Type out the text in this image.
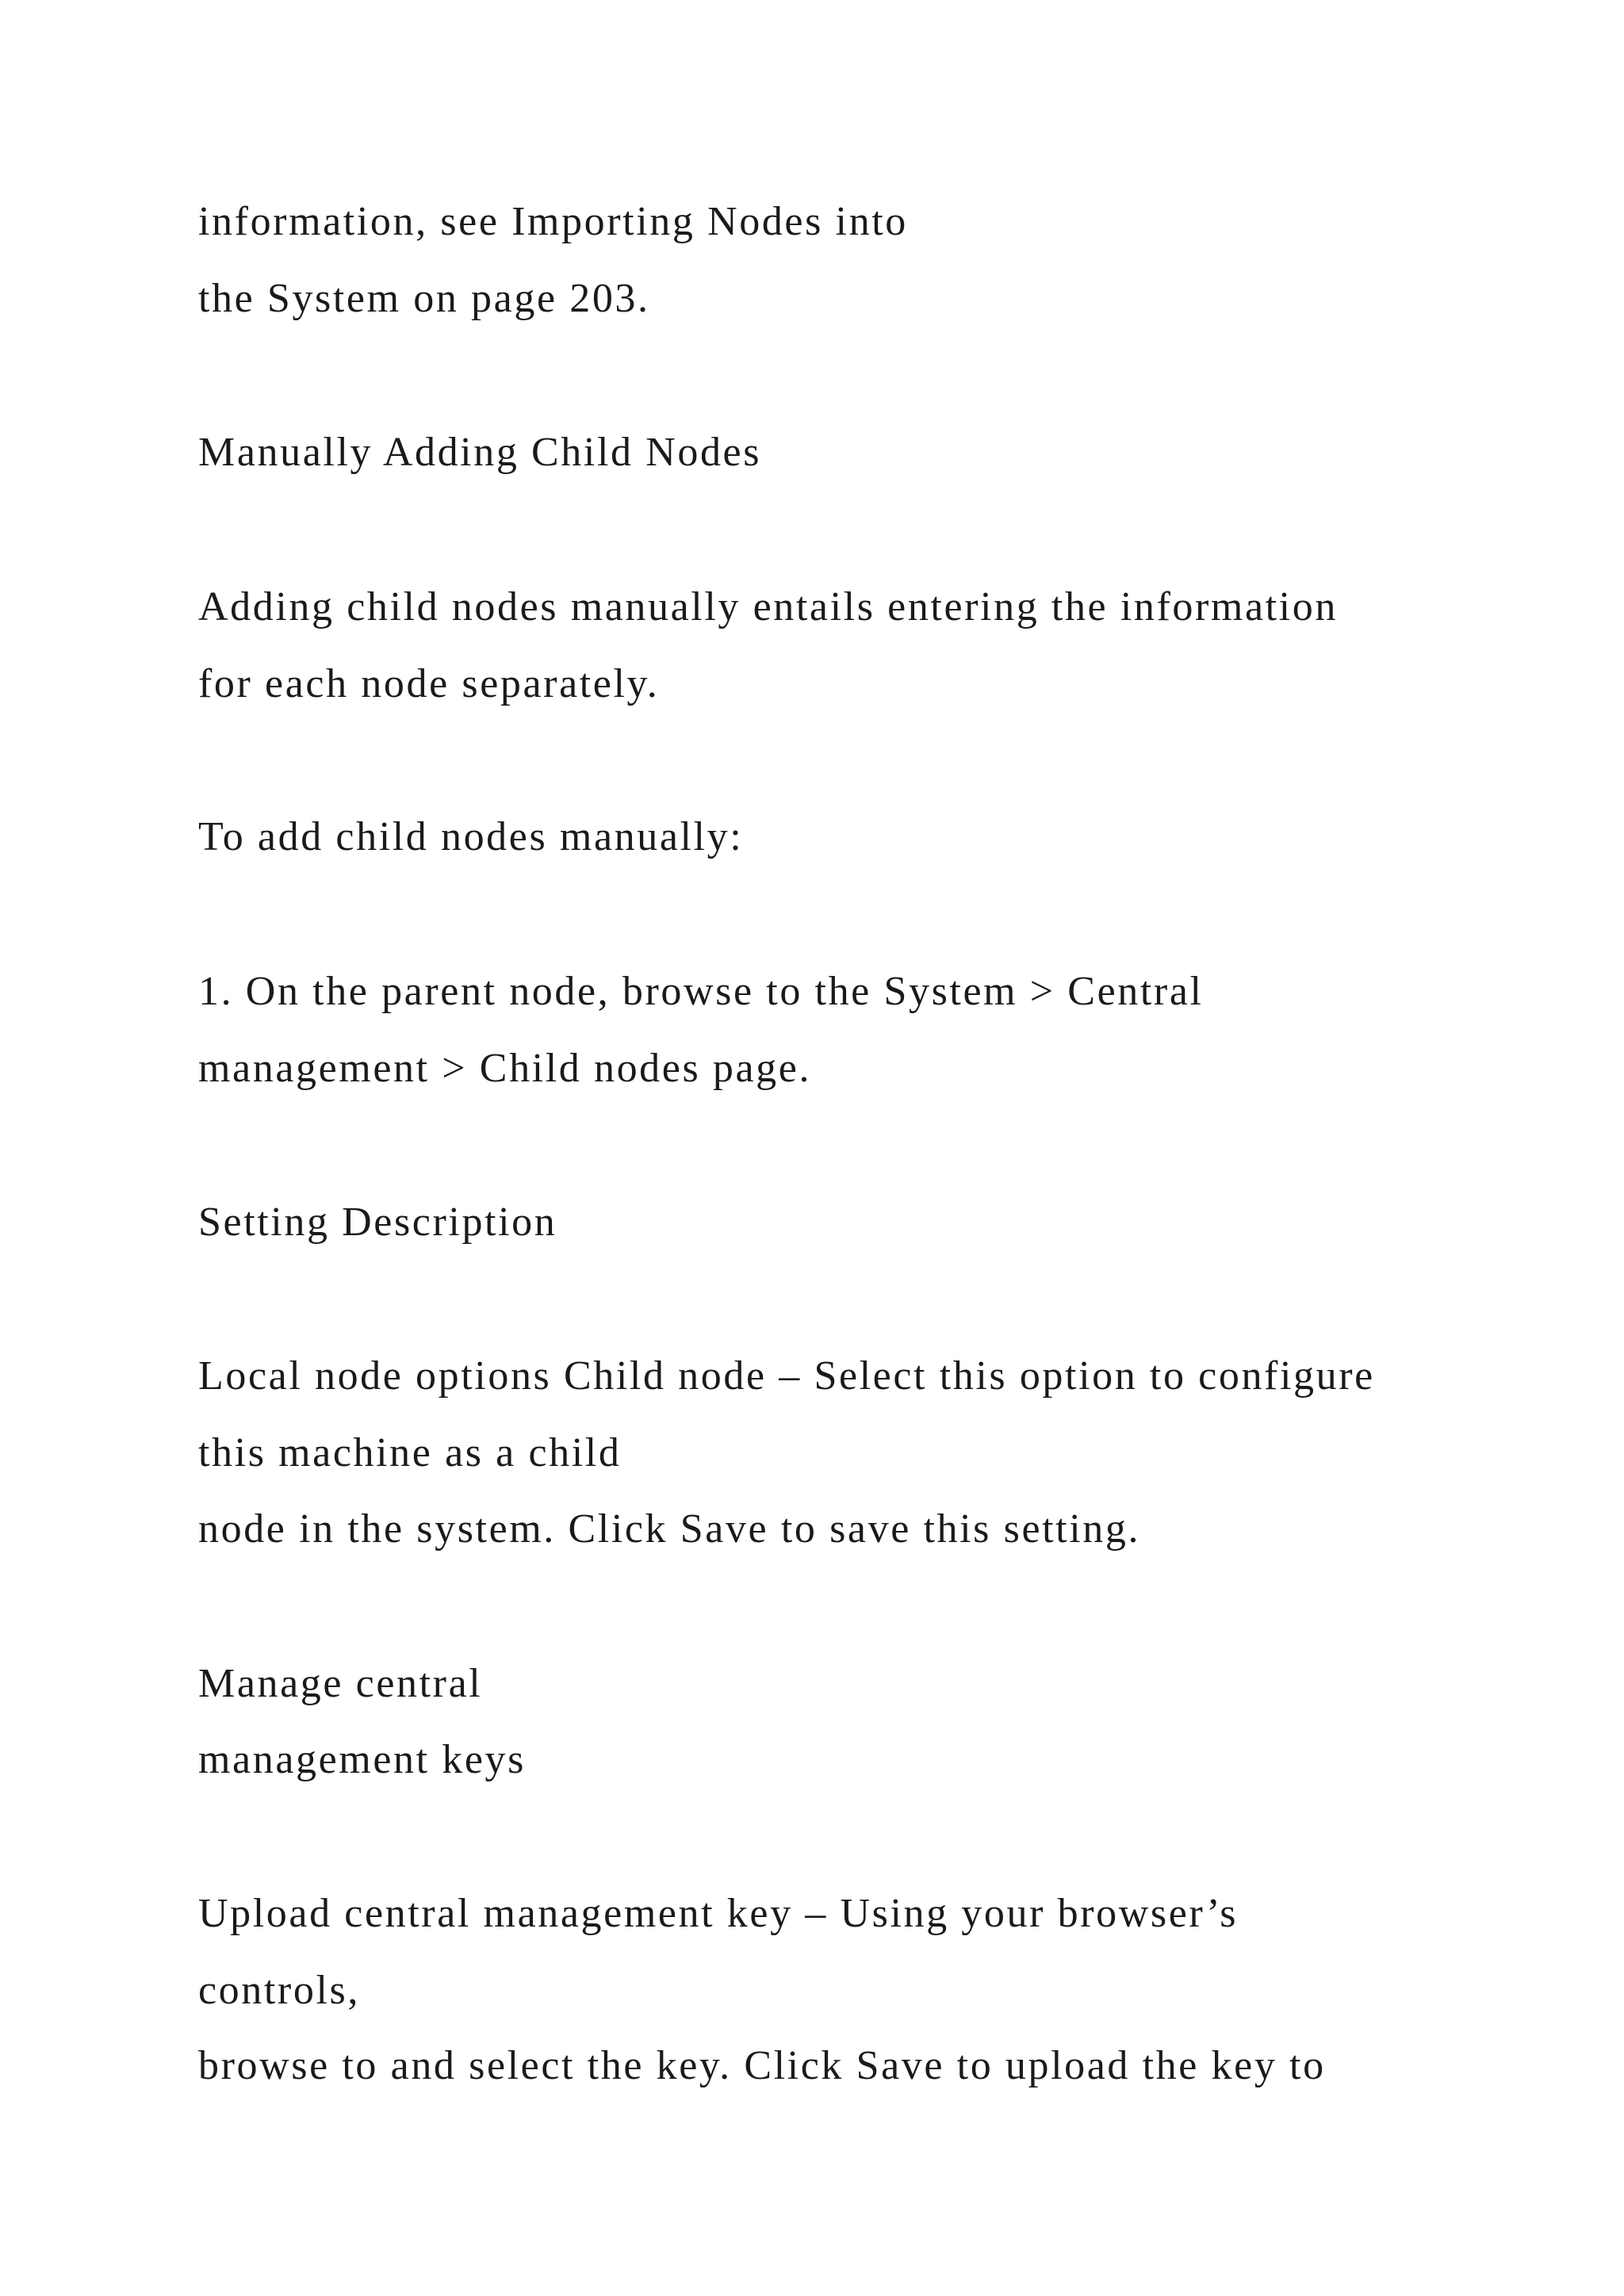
information, see Importing Nodes into
the System on page 203.
Manually Adding Child Nodes
Adding child nodes manually entails entering the information
for each node separately.
To add child nodes manually:
1. On the parent node, browse to the System > Central
management > Child nodes page.
Setting Description
Local node options Child node – Select this option to configure
this machine as a child
node in the system. Click Save to save this setting.
Manage central
management keys
Upload central management key – Using your browser’s
controls,
browse to and select the key. Click Save to upload the key to
